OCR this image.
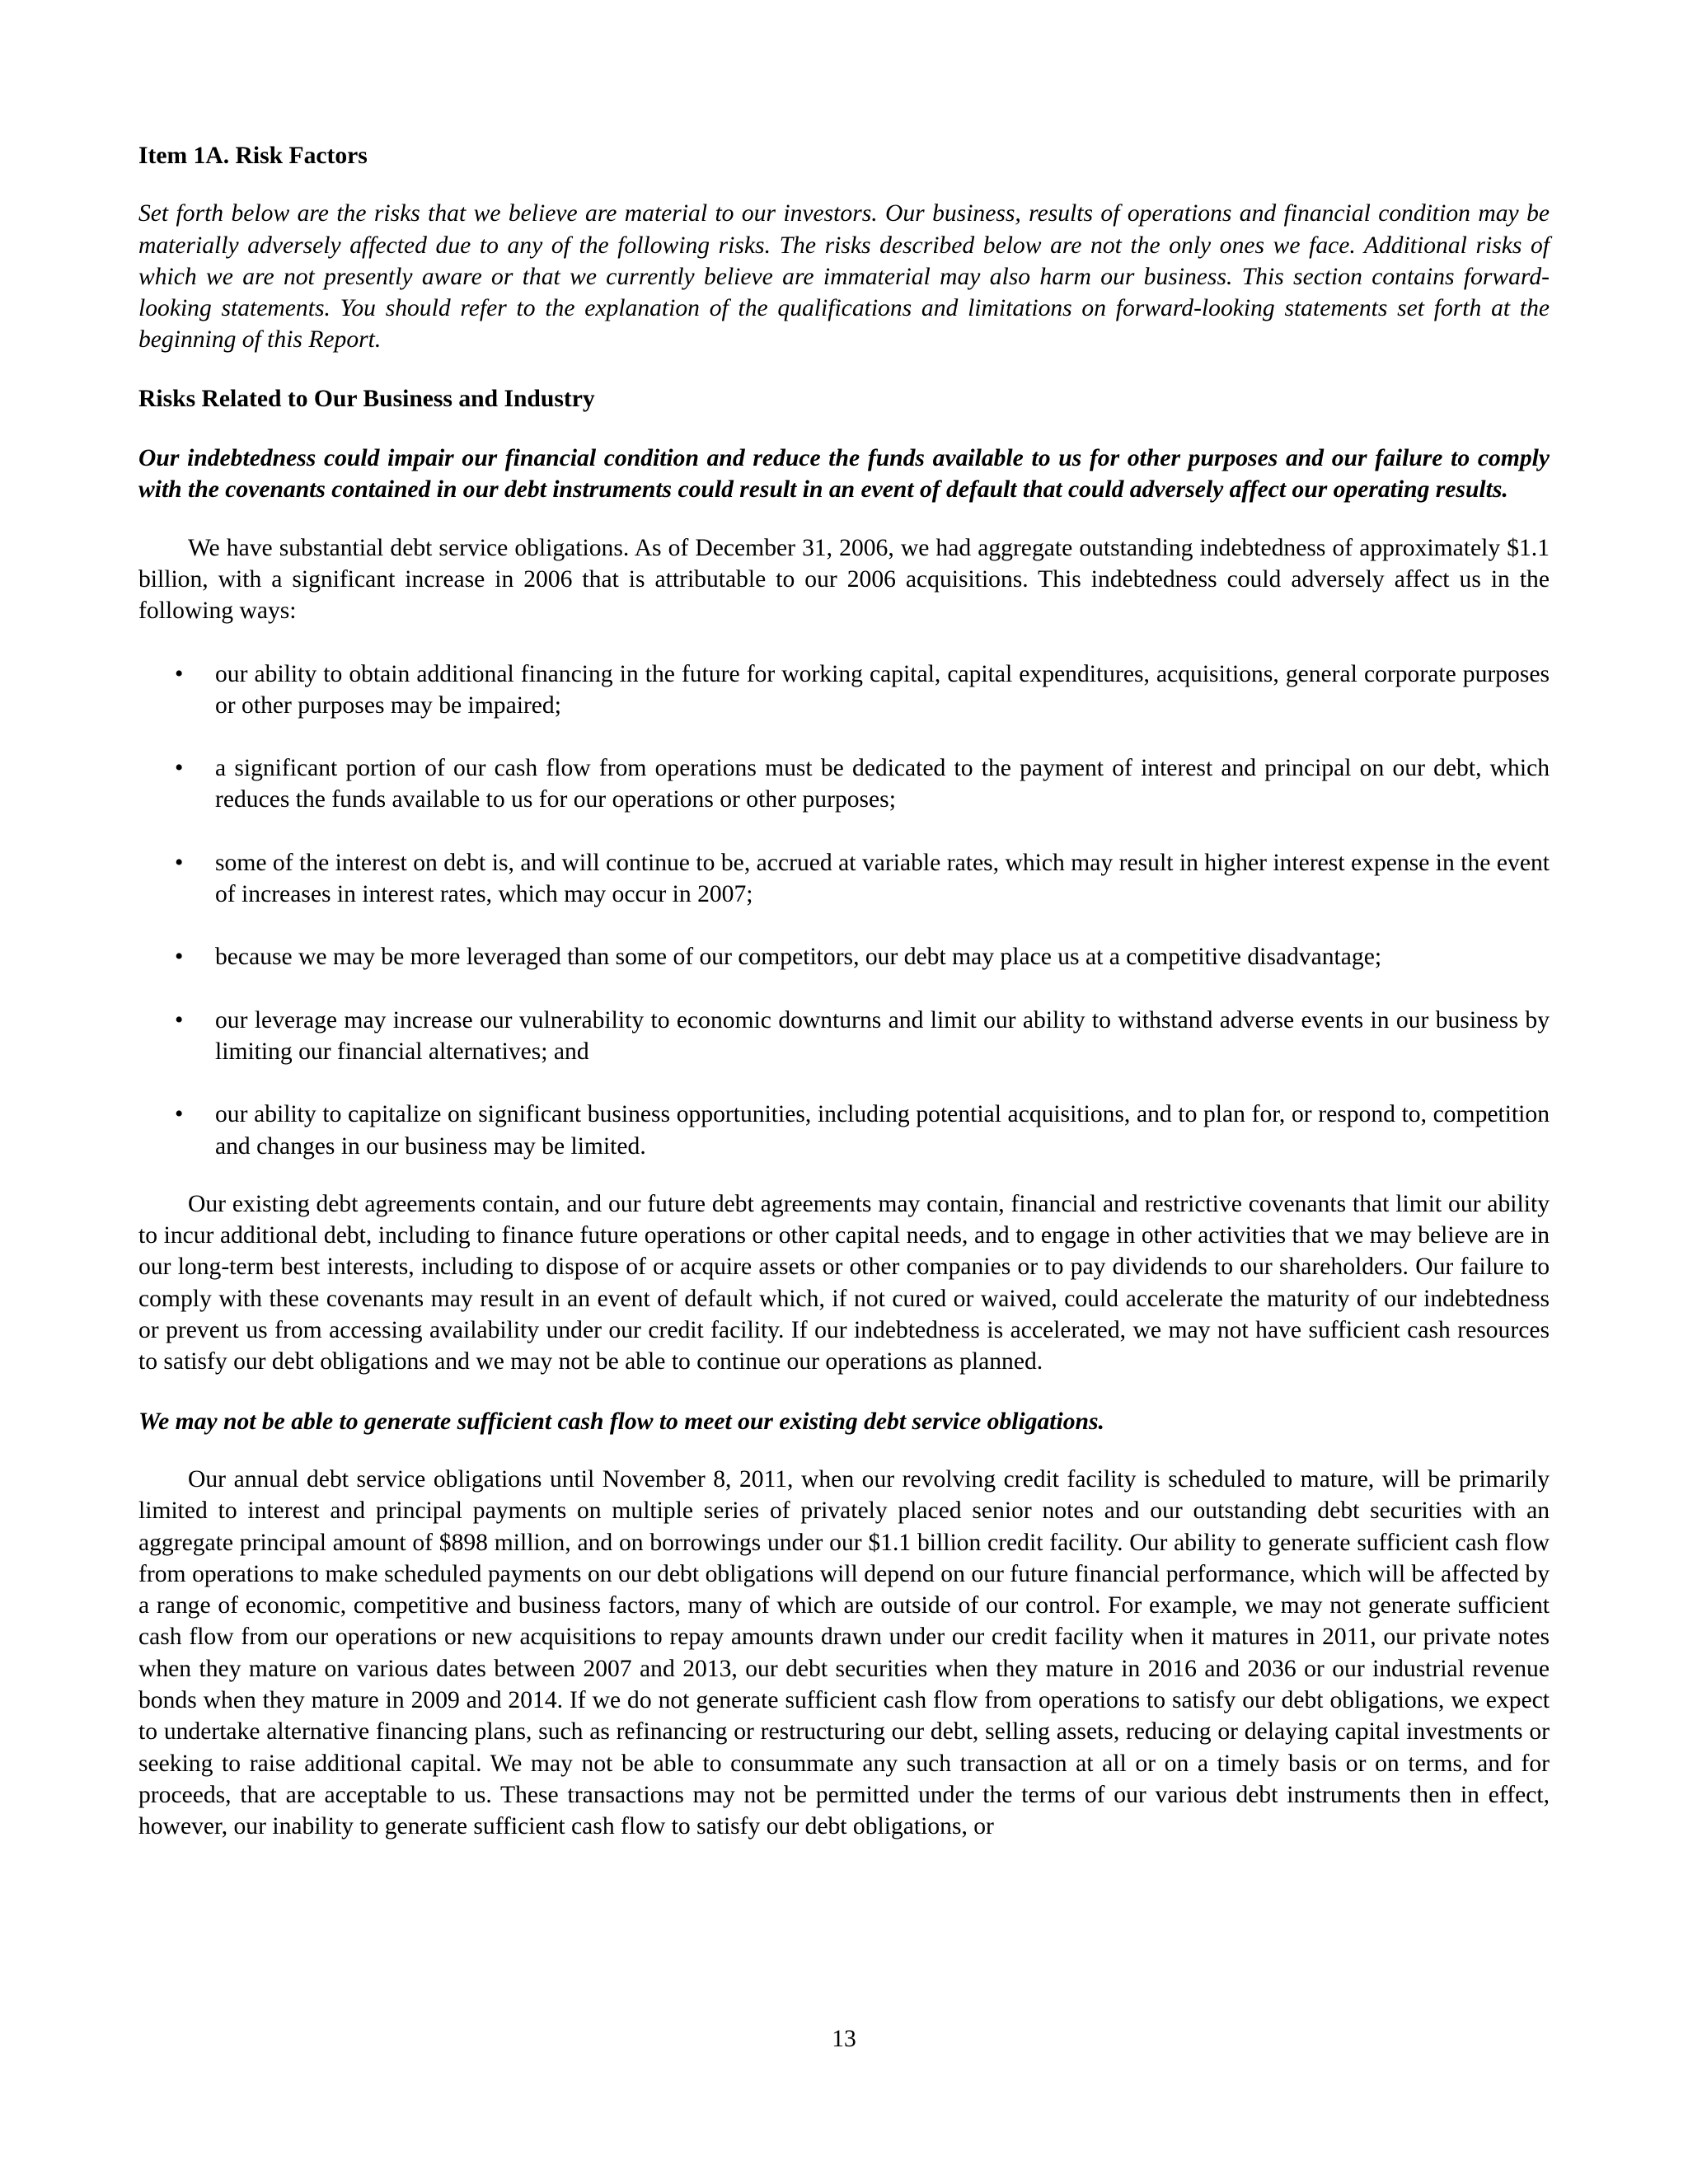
Item 1A. Risk Factors

Set forth below are the risks that we believe are material to our investors. Our business, results of operations and financial condition may be materially adversely affected due to any of the following risks. The risks described below are not the only ones we face. Additional risks of which we are not presently aware or that we currently believe are immaterial may also harm our business. This section contains forward-looking statements. You should refer to the explanation of the qualifications and limitations on forward-looking statements set forth at the beginning of this Report.

Risks Related to Our Business and Industry

Our indebtedness could impair our financial condition and reduce the funds available to us for other purposes and our failure to comply with the covenants contained in our debt instruments could result in an event of default that could adversely affect our operating results.

We have substantial debt service obligations. As of December 31, 2006, we had aggregate outstanding indebtedness of approximately $1.1 billion, with a significant increase in 2006 that is attributable to our 2006 acquisitions. This indebtedness could adversely affect us in the following ways:

• our ability to obtain additional financing in the future for working capital, capital expenditures, acquisitions, general corporate purposes or other purposes may be impaired;
• a significant portion of our cash flow from operations must be dedicated to the payment of interest and principal on our debt, which reduces the funds available to us for our operations or other purposes;
• some of the interest on debt is, and will continue to be, accrued at variable rates, which may result in higher interest expense in the event of increases in interest rates, which may occur in 2007;
• because we may be more leveraged than some of our competitors, our debt may place us at a competitive disadvantage;
• our leverage may increase our vulnerability to economic downturns and limit our ability to withstand adverse events in our business by limiting our financial alternatives; and
• our ability to capitalize on significant business opportunities, including potential acquisitions, and to plan for, or respond to, competition and changes in our business may be limited.

Our existing debt agreements contain, and our future debt agreements may contain, financial and restrictive covenants that limit our ability to incur additional debt, including to finance future operations or other capital needs, and to engage in other activities that we may believe are in our long-term best interests, including to dispose of or acquire assets or other companies or to pay dividends to our shareholders. Our failure to comply with these covenants may result in an event of default which, if not cured or waived, could accelerate the maturity of our indebtedness or prevent us from accessing availability under our credit facility. If our indebtedness is accelerated, we may not have sufficient cash resources to satisfy our debt obligations and we may not be able to continue our operations as planned.

We may not be able to generate sufficient cash flow to meet our existing debt service obligations.

Our annual debt service obligations until November 8, 2011, when our revolving credit facility is scheduled to mature, will be primarily limited to interest and principal payments on multiple series of privately placed senior notes and our outstanding debt securities with an aggregate principal amount of $898 million, and on borrowings under our $1.1 billion credit facility. Our ability to generate sufficient cash flow from operations to make scheduled payments on our debt obligations will depend on our future financial performance, which will be affected by a range of economic, competitive and business factors, many of which are outside of our control. For example, we may not generate sufficient cash flow from our operations or new acquisitions to repay amounts drawn under our credit facility when it matures in 2011, our private notes when they mature on various dates between 2007 and 2013, our debt securities when they mature in 2016 and 2036 or our industrial revenue bonds when they mature in 2009 and 2014. If we do not generate sufficient cash flow from operations to satisfy our debt obligations, we expect to undertake alternative financing plans, such as refinancing or restructuring our debt, selling assets, reducing or delaying capital investments or seeking to raise additional capital. We may not be able to consummate any such transaction at all or on a timely basis or on terms, and for proceeds, that are acceptable to us. These transactions may not be permitted under the terms of our various debt instruments then in effect, however, our inability to generate sufficient cash flow to satisfy our debt obligations, or

13
